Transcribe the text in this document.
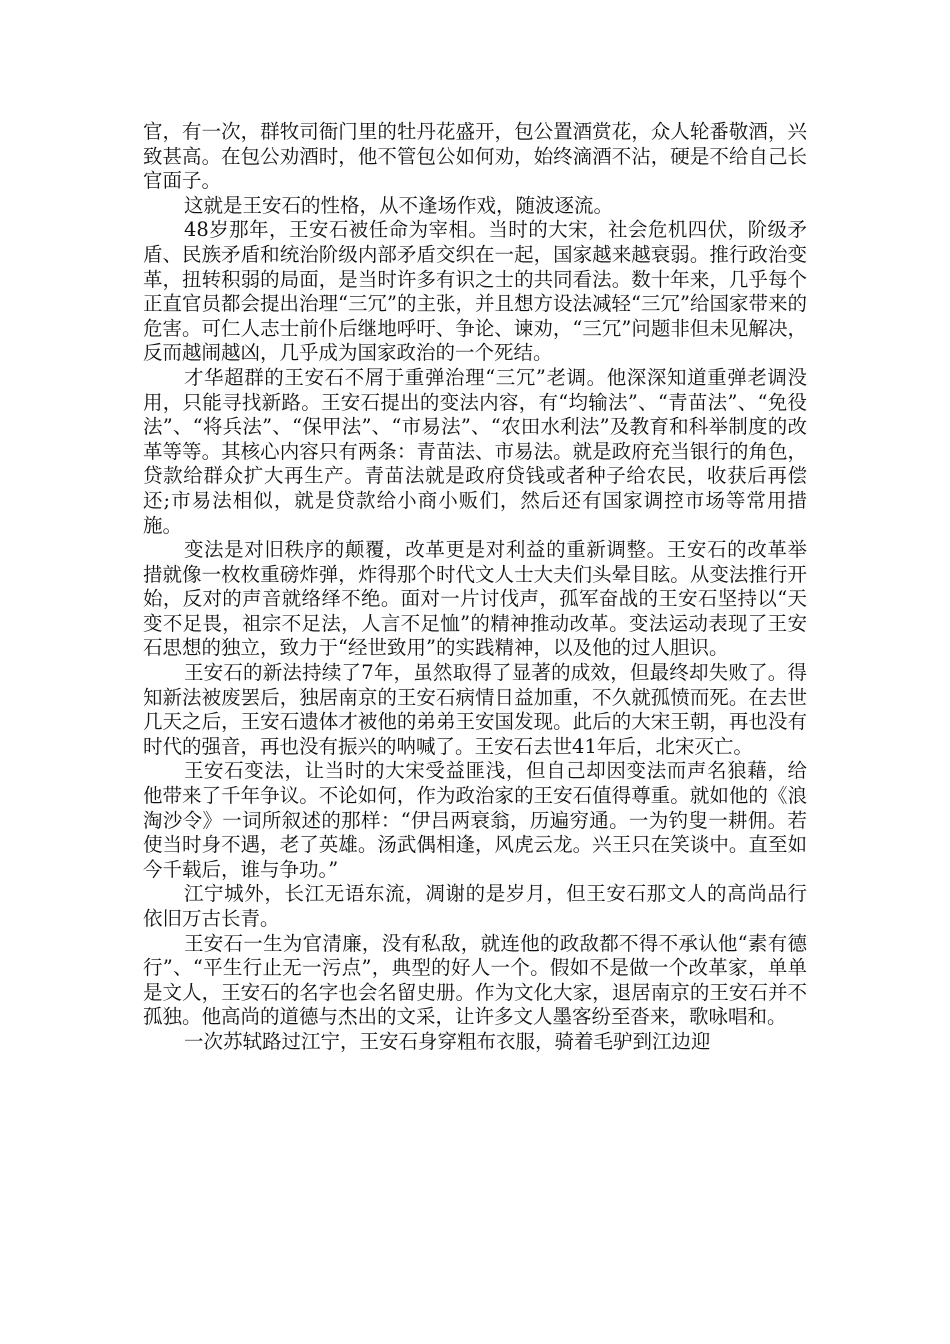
官，有一次，群牧司衙门里的牡丹花盛开，包公置酒赏花，众人轮番敬酒，兴致甚高。在包公劝酒时，他不管包公如何劝，始终滴酒不沾，硬是不给自己长官面子。

这就是王安石的性格，从不逢场作戏，随波逐流。

48岁那年，王安石被任命为宰相。当时的大宋，社会危机四伏，阶级矛盾、民族矛盾和统治阶级内部矛盾交织在一起，国家越来越衰弱。推行政治变革，扭转积弱的局面，是当时许多有识之士的共同看法。数十年来，几乎每个正直官员都会提出治理“三冗”的主张，并且想方设法减轻“三冗”给国家带来的危害。可仁人志士前仆后继地呼吁、争论、谏劝，“三冗”问题非但未见解决，反而越闹越凶，几乎成为国家政治的一个死结。

才华超群的王安石不屑于重弹治理“三冗”老调。他深深知道重弹老调没用，只能寻找新路。王安石提出的变法内容，有“均输法”、“青苗法”、“免役法”、“将兵法”、“保甲法”、“市易法”、“农田水利法”及教育和科举制度的改革等等。其核心内容只有两条：青苗法、市易法。就是政府充当银行的角色，贷款给群众扩大再生产。青苗法就是政府贷钱或者种子给农民，收获后再偿还;市易法相似，就是贷款给小商小贩们，然后还有国家调控市场等常用措施。

变法是对旧秩序的颠覆，改革更是对利益的重新调整。王安石的改革举措就像一枚枚重磅炸弹，炸得那个时代文人士大夫们头晕目眩。从变法推行开始，反对的声音就络绎不绝。面对一片讨伐声，孤军奋战的王安石坚持以“天变不足畏，祖宗不足法，人言不足恤”的精神推动改革。变法运动表现了王安石思想的独立，致力于“经世致用”的实践精神，以及他的过人胆识。

王安石的新法持续了7年，虽然取得了显著的成效，但最终却失败了。得知新法被废罢后，独居南京的王安石病情日益加重，不久就孤愤而死。在去世几天之后，王安石遗体才被他的弟弟王安国发现。此后的大宋王朝，再也没有时代的强音，再也没有振兴的呐喊了。王安石去世41年后，北宋灭亡。

王安石变法，让当时的大宋受益匪浅，但自己却因变法而声名狼藉，给他带来了千年争议。不论如何，作为政治家的王安石值得尊重。就如他的《浪淘沙令》一词所叙述的那样：“伊吕两衰翁，历遍穷通。一为钓叟一耕佣。若使当时身不遇，老了英雄。汤武偶相逢，风虎云龙。兴王只在笑谈中。直至如今千载后，谁与争功。”

江宁城外，长江无语东流，凋谢的是岁月，但王安石那文人的高尚品行依旧万古长青。

王安石一生为官清廉，没有私敌，就连他的政敌都不得不承认他“素有德行”、“平生行止无一污点”，典型的好人一个。假如不是做一个改革家，单单是文人，王安石的名字也会名留史册。作为文化大家，退居南京的王安石并不孤独。他高尚的道德与杰出的文采，让许多文人墨客纷至沓来，歌咏唱和。

一次苏轼路过江宁，王安石身穿粗布衣服，骑着毛驴到江边迎
